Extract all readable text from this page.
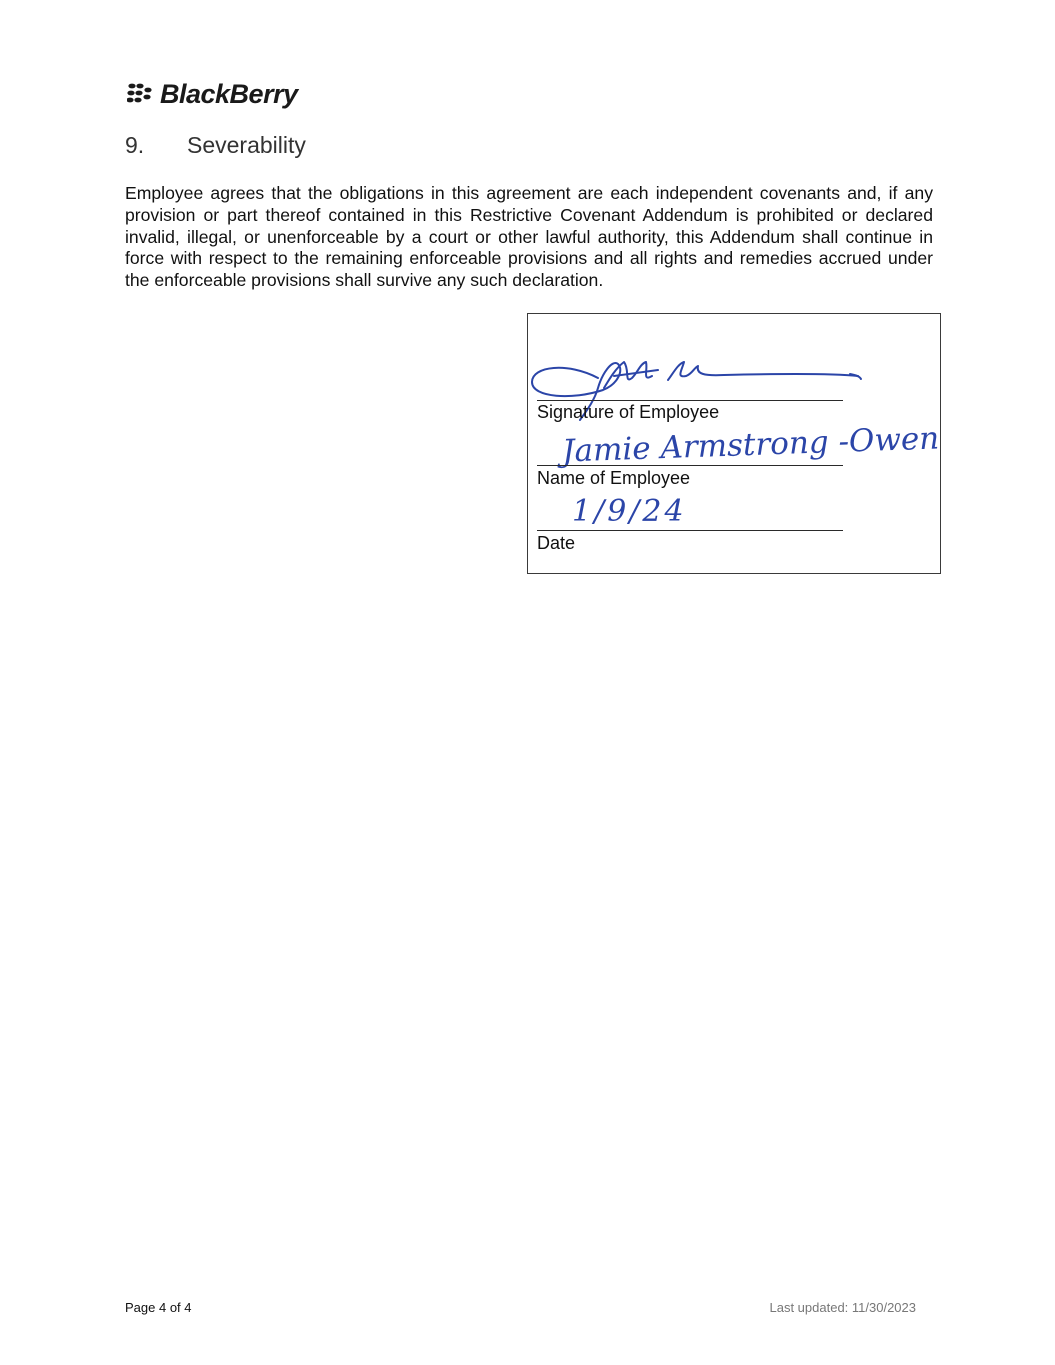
BlackBerry
9.	Severability
Employee agrees that the obligations in this agreement are each independent covenants and, if any provision or part thereof contained in this Restrictive Covenant Addendum is prohibited or declared invalid, illegal, or unenforceable by a court or other lawful authority, this Addendum shall continue in force with respect to the remaining enforceable provisions and all rights and remedies accrued under the enforceable provisions shall survive any such declaration.
Signature of Employee
Jamie Armstrong -Owen
Name of Employee
1/9/24
Date
Page 4 of 4	Last updated: 11/30/2023
